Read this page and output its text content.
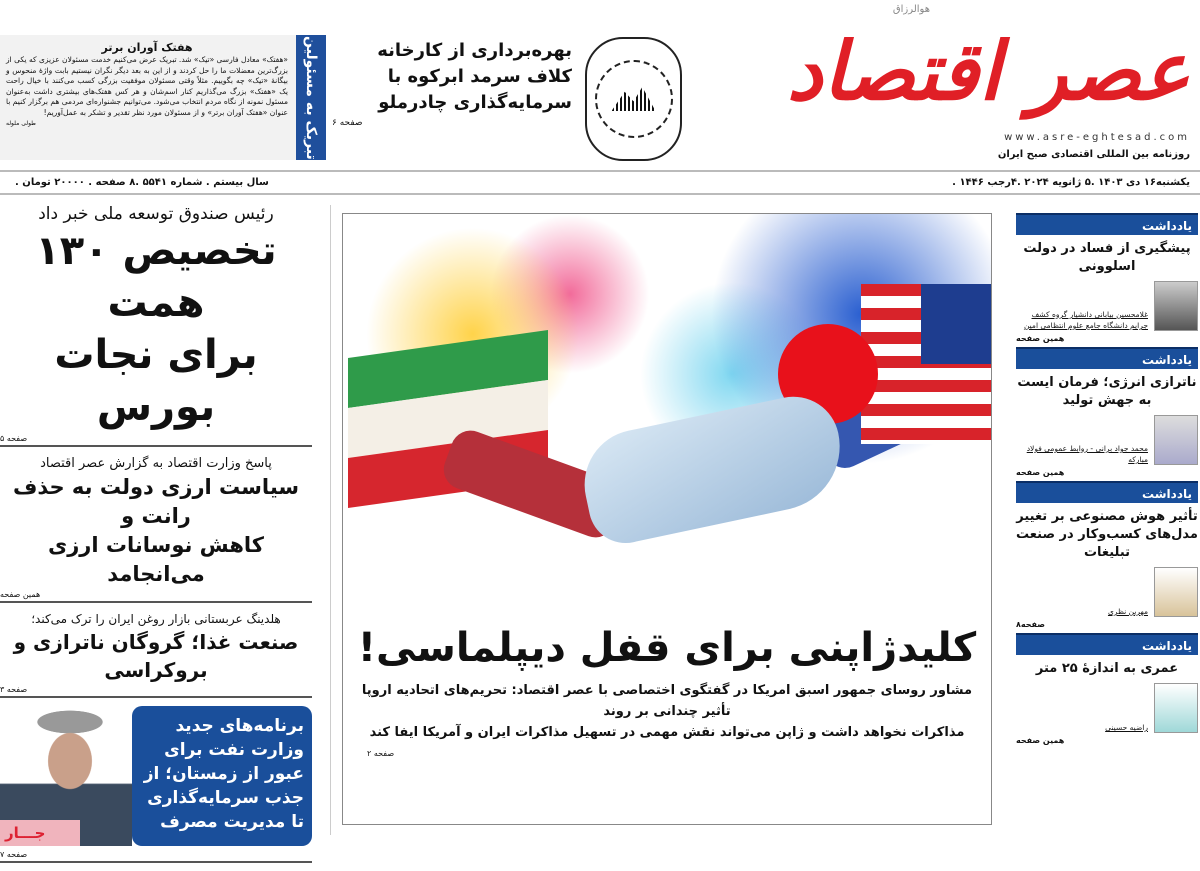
هوالرزاق
عصر اقتصاد
www.asre-eghtesad.com
روزنامه بین المللی اقتصادی صبح ایران
یکشنبه۱۶ دی ۱۴۰۳ .۵ ژانویه ۲۰۲۴ .۴رجب ۱۴۴۶ .
سال بیستم . شماره ۵۵۴۱ .۸ صفحه . ۲۰۰۰۰ تومان .
بهره‌برداری از کارخانه کلاف سرمد ابرکوه با سرمایه‌گذاری چادرملو
صفحه ۶
تبریک به مسئولین
هفتک آوران برتر
«هفتک» معادل فارسی «تیک» شد. تبریک عرض می‌کنیم خدمت مسئولان عزیزی که یکی از بزرگ‌ترین معضلات ما را حل کردند و از این به بعد دیگر نگران نیستیم بابت واژهٔ منحوس و بیگانهٔ «تیک» چه بگوییم. مثلاً وقتی مسئولان موفقیت بزرگی کسب می‌کنند با خیال راحت یک «هفتک» بزرگ می‌گذاریم کنار اسم‌شان و هر کس هفتک‌های بیشتری داشت به‌عنوان مسئول نمونه از نگاه مردم انتخاب می‌شود. می‌توانیم جشنواره‌ای مردمی هم برگزار کنیم با عنوان «هفتک آوران برتر» و از مسئولان مورد نظر تقدیر و تشکر به عمل‌آوریم!
طولی ملوله
رئیس صندوق توسعه ملی خبر داد
تخصیص ۱۳۰ همت
برای نجات بورس
صفحه ۵
پاسخ وزارت اقتصاد به گزارش عصر اقتصاد
سیاست ارزی دولت به حذف رانت و
کاهش نوسانات ارزی می‌انجامد
همین صفحه
هلدینگ عربستانی بازار روغن ایران را ترک می‌کند؛
صنعت غذا؛ گروگان ناترازی و بروکراسی
صفحه ۳
برنامه‌های جدید وزارت نفت برای عبور از زمستان؛ از جذب سرمایه‌گذاری تا مدیریت مصرف
جـــار
صفحه ۷
کلیدژاپنی برای قفل دیپلماسی!
مشاور روسای جمهور اسبق امریکا در گفتگوی اختصاصی با عصر اقتصاد: تحریم‌های اتحادیه اروپا تأثیر چندانی بر روند
مذاکرات نخواهد داشت و ژاپن می‌تواند نقش مهمی در تسهیل مذاکرات ایران و آمریکا ایفا کند
صفحه ۲
یادداشت
پیشگیری از فساد در دولت اسلوونی
غلامحسین بیابانی دانشیار گروه کشف جرایم دانشگاه جامع علوم انتظامی امین
همین صفحه
یادداشت
ناترازی انرژی؛ فرمان ایست به جهش تولید
محمد جواد برانی - روابط عمومی فولاد مبارکه
همین صفحه
یادداشت
تأثیر هوش مصنوعی بر تغییر مدل‌های کسب‌وکار در صنعت تبلیغات
مهرین نظری
صفحه۸
یادداشت
عمری به اندازهٔ ۲۵ متر
راضیه حسینی
همین صفحه
